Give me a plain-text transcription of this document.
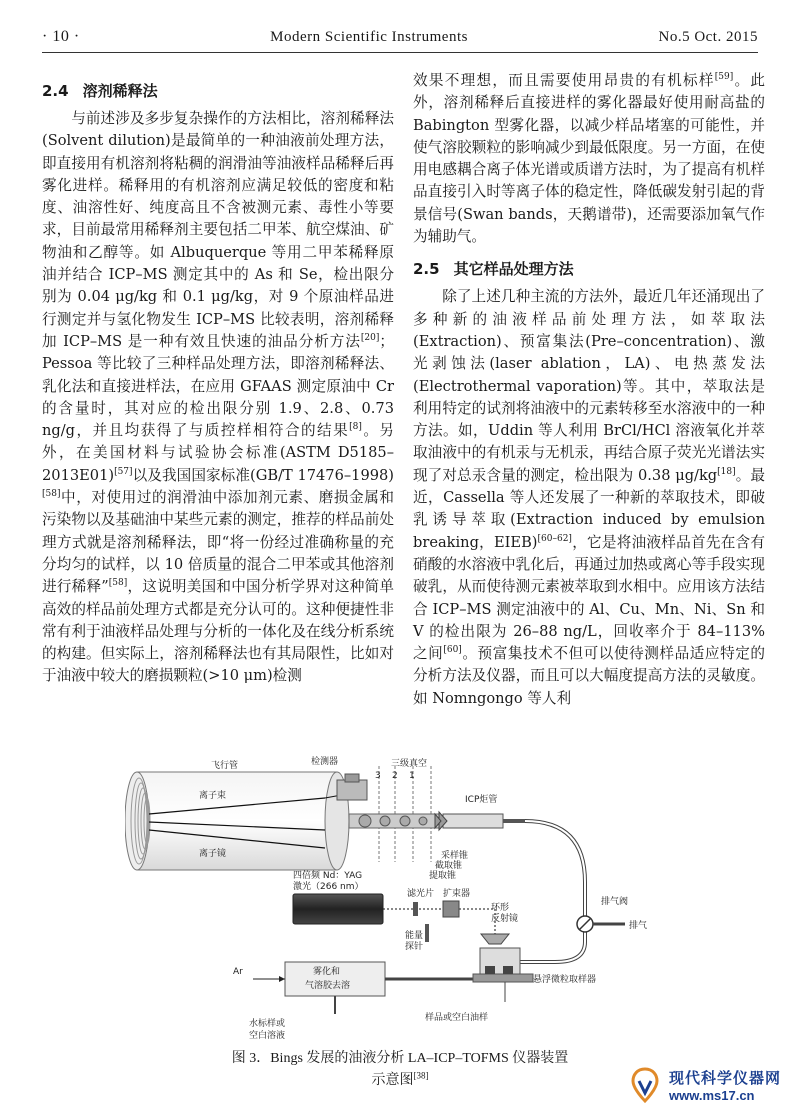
· 10 ·	Modern Scientific Instruments	No.5 Oct. 2015
2.4 溶剂稀释法

与前述涉及多步复杂操作的方法相比，溶剂稀释法(Solvent dilution)是最简单的一种油液前处理方法，即直接用有机溶剂将粘稠的润滑油等油液样品稀释后再雾化进样。稀释用的有机溶剂应满足较低的密度和粘度、油溶性好、纯度高且不含被测元素、毒性小等要求，目前最常用稀释剂主要包括二甲苯、航空煤油、矿物油和乙醇等。如 Albuquerque 等用二甲苯稀释原油并结合 ICP–MS 测定其中的 As 和 Se，检出限分别为 0.04 μg/kg 和 0.1 μg/kg，对 9 个原油样品进行测定并与氢化物发生 ICP–MS 比较表明，溶剂稀释加 ICP–MS 是一种有效且快速的油品分析方法[20]；Pessoa 等比较了三种样品处理方法，即溶剂稀释法、乳化法和直接进样法，在应用 GFAAS 测定原油中 Cr 的含量时，其对应的检出限分别 1.9、2.8、0.73 ng/g，并且均获得了与质控样相符合的结果[8]。另外，在美国材料与试验协会标准(ASTM D5185–2013E01)[57]以及我国国家标准(GB/T 17476–1998)[58]中，对使用过的润滑油中添加剂元素、磨损金属和污染物以及基础油中某些元素的测定，推荐的样品前处理方式就是溶剂稀释法，即“将一份经过准确称量的充分均匀的试样，以 10 倍质量的混合二甲苯或其他溶剂进行稀释”[58]，这说明美国和中国分析学界对这种简单高效的样品前处理方式都是充分认可的。这种便捷性非常有利于油液样品处理与分析的一体化及在线分析系统的构建。但实际上，溶剂稀释法也有其局限性，比如对于油液中较大的磨损颗粒(>10 μm)检测

效果不理想，而且需要使用昂贵的有机标样[59]。此外，溶剂稀释后直接进样的雾化器最好使用耐高盐的 Babington 型雾化器，以减少样品堵塞的可能性，并使气溶胶颗粒的影响减少到最低限度。另一方面，在使用电感耦合离子体光谱或质谱方法时，为了提高有机样品直接引入时等离子体的稳定性，降低碳发射引起的背景信号(Swan bands，天鹅谱带)，还需要添加氧气作为辅助气。

2.5 其它样品处理方法

除了上述几种主流的方法外，最近几年还涌现出了多种新的油液样品前处理方法，如萃取法(Extraction)、预富集法(Pre–concentration)、激光剥蚀法(laser ablation，LA)、电热蒸发法(Electrothermal vaporation)等。其中，萃取法是利用特定的试剂将油液中的元素转移至水溶液中的一种方法。如，Uddin 等人利用 BrCl/HCl 溶液氧化并萃取油液中的有机汞与无机汞，再结合原子荧光光谱法实现了对总汞含量的测定，检出限为 0.38 μg/kg[18]。最近，Cassella 等人还发展了一种新的萃取技术，即破乳诱导萃取(Extraction induced by emulsion breaking，EIEB)[60–62]，它是将油液样品首先在含有硝酸的水溶液中乳化后，再通过加热或离心等手段实现破乳，从而使待测元素被萃取到水相中。应用该方法结合 ICP–MS 测定油液中的 Al、Cu、Mn、Ni、Sn 和 V 的检出限为 26–88 ng/L，回收率介于 84–113% 之间[60]。预富集技术不但可以使待测样品适应特定的分析方法及仪器，而且可以大幅度提高方法的灵敏度。如 Nomngongo 等人利

飞行管	检测器	三级真空
3 2 1
离子束
离子镜
ICP炬管
采样锥
截取锥
提取锥
四倍频 Nd：YAG
激光（266 nm）
滤光片 扩束器
环形
反射镜
排气阀
排气
能量
探针
Ar	雾化和
气溶胶去溶
悬浮微粒取样器
水标样或
空白溶液
样品或空白油样
图 3．Bings 发展的油液分析 LA–ICP–TOFMS 仪器装置
示意图[38]	现代科学仪器网
www.ms17.cn
